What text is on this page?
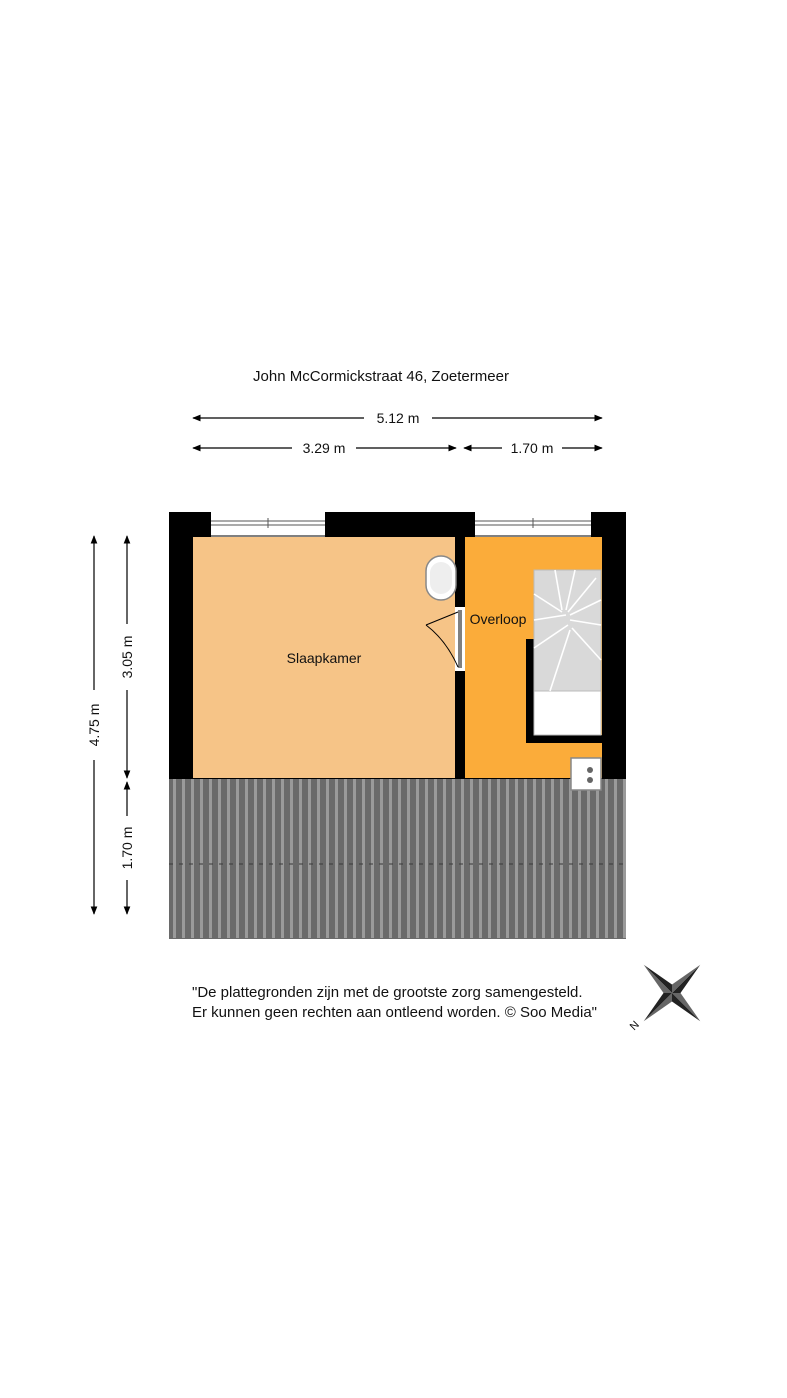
John McCormickstraat 46, Zoetermeer
5.12 m
3.29 m	1.70 m
4.75 m
3.05 m
1.70 m
Slaapkamer
Overloop
"De plattegronden zijn met de grootste zorg samengesteld.
Er kunnen geen rechten aan ontleend worden. © Soo Media"
N
